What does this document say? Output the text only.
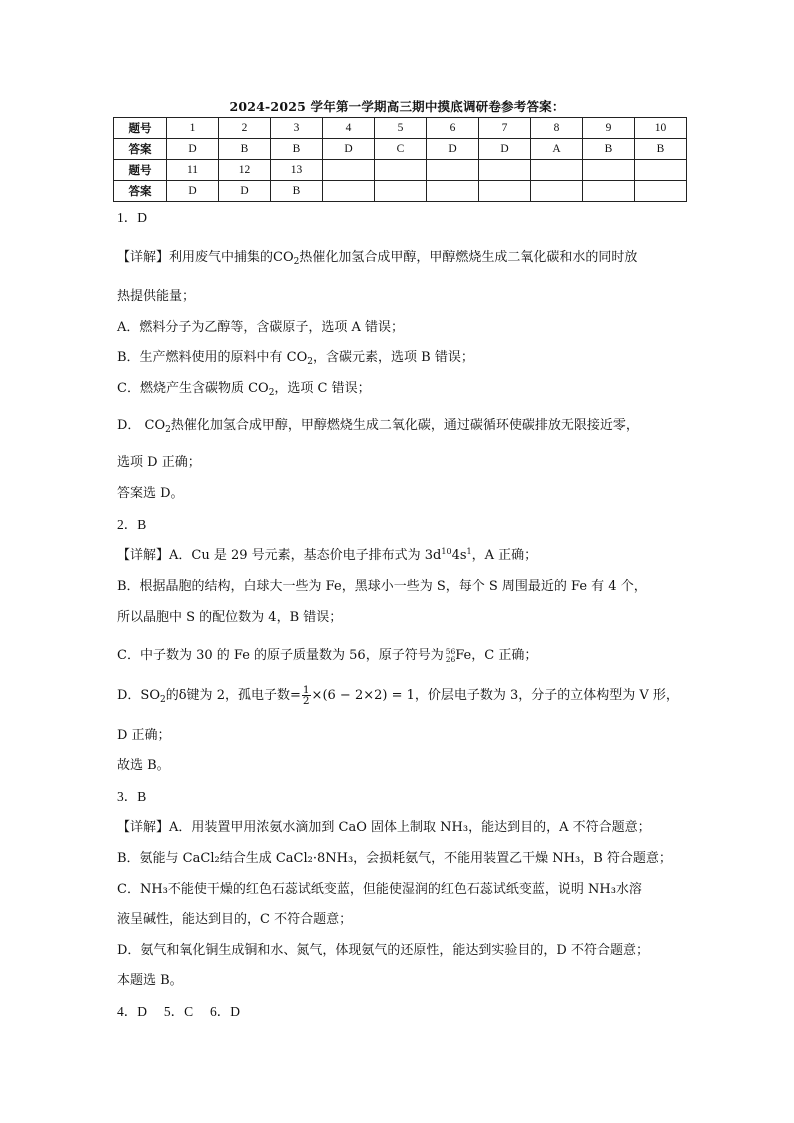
2024-2025 学年第一学期高三期中摸底调研卷参考答案：
题号	1	2	3	4	5	6	7	8	9	10
答案	D	B	B	D	C	D	D	A	B	B
题号	11	12	13							
答案	D	D	B							
1．D
【详解】利用废气中捕集的$CO_2$热催化加氢合成甲醇，甲醇燃烧生成二氧化碳和水的同时放
热提供能量；
A．燃料分子为乙醇等，含碳原子，选项 A 错误；
B．生产燃料使用的原料中有 $CO_2$，含碳元素，选项 B 错误；
C．燃烧产生含碳物质 $CO_2$，选项 C 错误；
D． $CO_2$热催化加氢合成甲醇，甲醇燃烧生成二氧化碳，通过碳循环使碳排放无限接近零，
选项 D 正确；
答案选 D。
2．B
【详解】A．Cu 是 29 号元素，基态价电子排布式为 $3d^{10}4s^1$，A 正确；
B．根据晶胞的结构，白球大一些为 Fe，黑球小一些为 S，每个 S 周围最近的 Fe 有 4 个，
所以晶胞中 S 的配位数为 4，B 错误；
C．中子数为 30 的 Fe 的原子质量数为 56，原子符号为 56
26 Fe，C 正确；
D．$SO_2$的δ键为 2，孤电子数= $\frac{1}{2} \times(6 - 2\times 2) = 1$，价层电子数为 3，分子的立体构型为 V 形，
D 正确；
故选 B。
3．B
【详解】A．用装置甲用浓氨水滴加到 CaO 固体上制取 NH₃，能达到目的，A 不符合题意；
B．氨能与 CaCl₂结合生成 CaCl₂·8NH₃，会损耗氨气，不能用装置乙干燥 NH₃，B 符合题意；
C．NH₃不能使干燥的红色石蕊试纸变蓝，但能使湿润的红色石蕊试纸变蓝，说明 NH₃水溶
液呈碱性，能达到目的，C 不符合题意；
D．氨气和氧化铜生成铜和水、氮气，体现氨气的还原性，能达到实验目的，D 不符合题意；
本题选 B。
4．D　 5．C　 6．D
